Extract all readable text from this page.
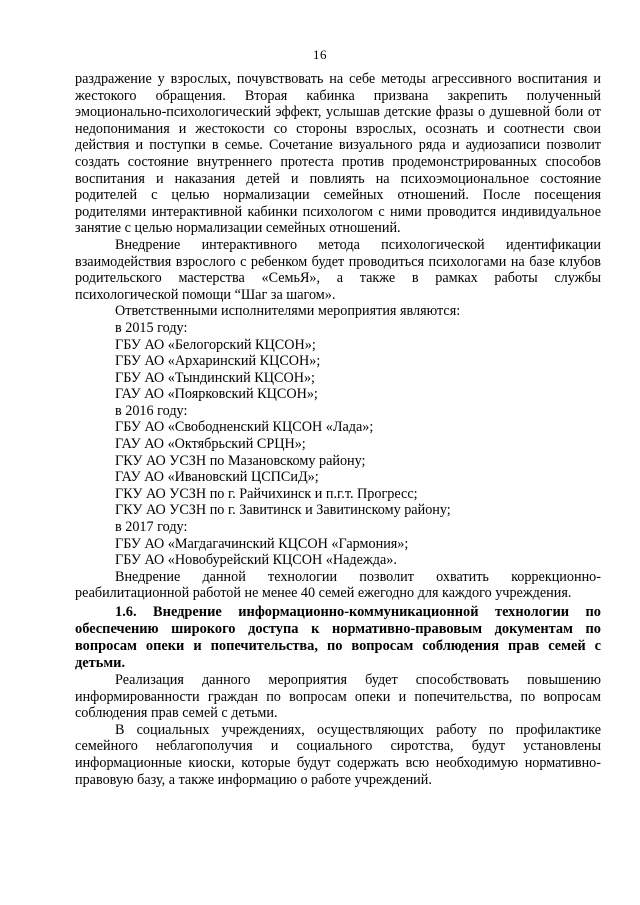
16

раздражение у взрослых, почувствовать на себе методы агрессивного воспитания и жестокого обращения. Вторая кабинка призвана закрепить полученный эмоционально-психологический эффект, услышав детские фразы о душевной боли от недопонимания и жестокости со стороны взрослых, осознать и соотнести свои действия и поступки в семье. Сочетание визуального ряда и аудиозаписи позволит создать состояние внутреннего протеста против продемонстрированных способов воспитания и наказания детей и повлиять на психоэмоциональное состояние родителей с целью нормализации семейных отношений. После посещения родителями интерактивной кабинки психологом с ними проводится индивидуальное занятие с целью нормализации семейных отношений.

Внедрение интерактивного метода психологической идентификации взаимодействия взрослого с ребенком будет проводиться психологами на базе клубов родительского мастерства «СемьЯ», а также в рамках работы службы психологической помощи “Шаг за шагом».

Ответственными исполнителями мероприятия являются:

в 2015 году:

ГБУ АО «Белогорский КЦСОН»;

ГБУ АО «Архаринский КЦСОН»;

ГБУ АО «Тындинский КЦСОН»;

ГАУ АО «Поярковский КЦСОН»;

в 2016 году:

ГБУ АО «Свободненский КЦСОН «Лада»;

ГАУ АО «Октябрьский СРЦН»;

ГКУ АО УСЗН по Мазановскому району;

ГАУ АО «Ивановский ЦСПСиД»;

ГКУ АО УСЗН по г. Райчихинск и п.г.т. Прогресс;

ГКУ АО УСЗН по г. Завитинск и Завитинскому району;

в 2017 году:

ГБУ АО «Магдагачинский КЦСОН «Гармония»;

ГБУ АО «Новобурейский КЦСОН «Надежда».

Внедрение данной технологии позволит охватить коррекционно-реабилитационной работой не менее 40 семей ежегодно для каждого учреждения.

1.6. Внедрение информационно-коммуникационной технологии по обеспечению широкого доступа к нормативно-правовым документам по вопросам опеки и попечительства, по вопросам соблюдения прав семей с детьми.

Реализация данного мероприятия будет способствовать повышению информированности граждан по вопросам опеки и попечительства, по вопросам соблюдения прав семей с детьми.

В социальных учреждениях, осуществляющих работу по профилактике семейного неблагополучия и социального сиротства, будут установлены информационные киоски, которые будут содержать всю необходимую нормативно-правовую базу, а также информацию о работе учреждений.
